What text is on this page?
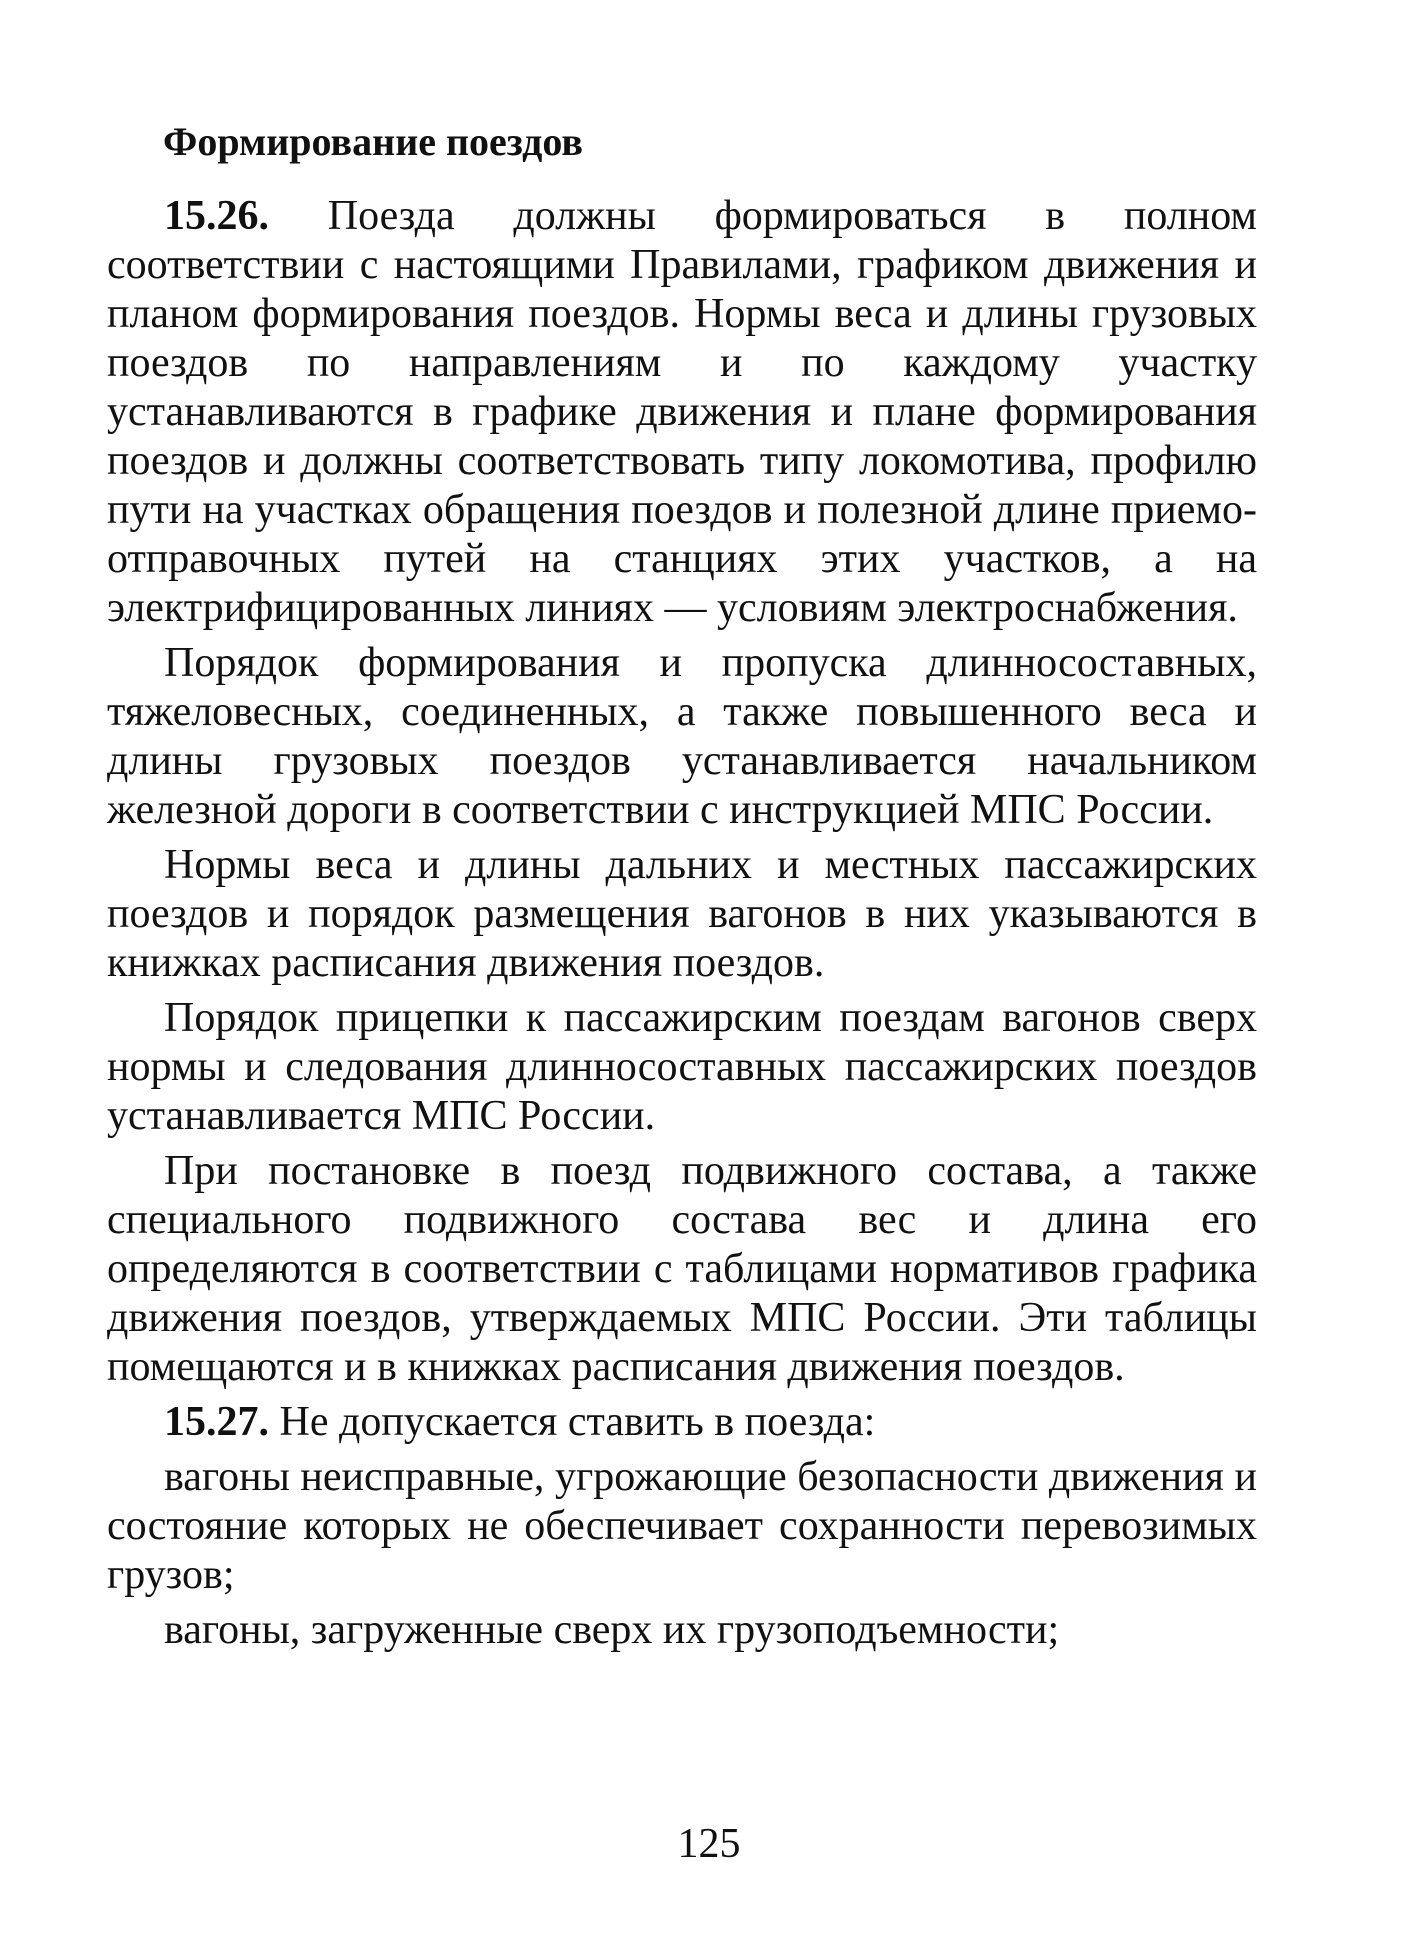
Формирование поездов

15.26. Поезда должны формироваться в полном соответствии с настоящими Правилами, графиком движения и планом формирования поездов. Нормы веса и длины грузовых поездов по направлениям и по каждому участку устанавливаются в графике движения и плане формирования поездов и должны соответствовать типу локомотива, профилю пути на участках обращения поездов и полезной длине приемо-отправочных путей на станциях этих участков, а на электрифицированных линиях — условиям электроснабжения.

Порядок формирования и пропуска длинносоставных, тяжеловесных, соединенных, а также повышенного веса и длины грузовых поездов устанавливается начальником железной дороги в соответствии с инструкцией МПС России.

Нормы веса и длины дальних и местных пассажирских поездов и порядок размещения вагонов в них указываются в книжках расписания движения поездов.

Порядок прицепки к пассажирским поездам вагонов сверх нормы и следования длинносоставных пассажирских поездов устанавливается МПС России.

При постановке в поезд подвижного состава, а также специального подвижного состава вес и длина его определяются в соответствии с таблицами нормативов графика движения поездов, утверждаемых МПС России. Эти таблицы помещаются и в книжках расписания движения поездов.

15.27. Не допускается ставить в поезда:

вагоны неисправные, угрожающие безопасности движения и состояние которых не обеспечивает сохранности перевозимых грузов;

вагоны, загруженные сверх их грузоподъемности;

125
